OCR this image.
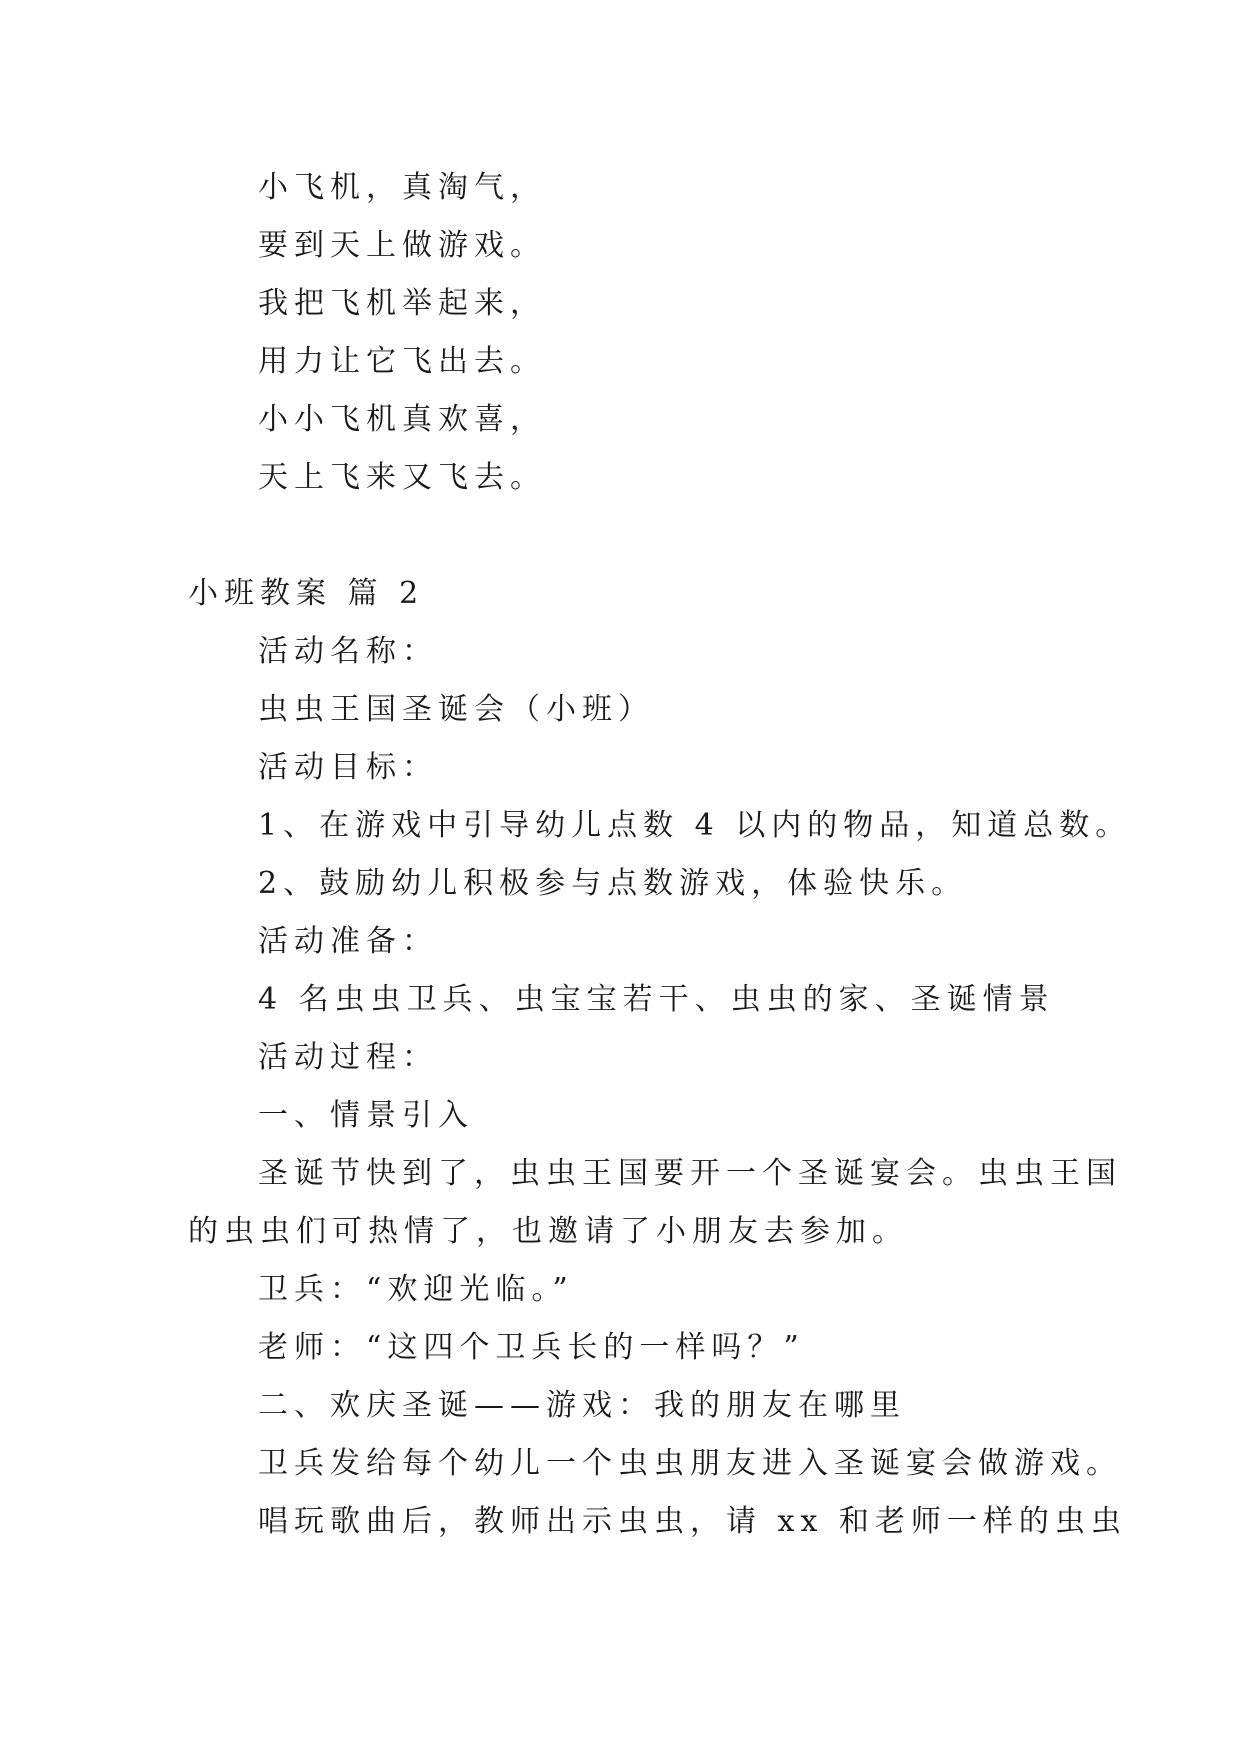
小飞机，真淘气，
要到天上做游戏。
我把飞机举起来，
用力让它飞出去。
小小飞机真欢喜，
天上飞来又飞去。
小班教案 篇 2
活动名称：
虫虫王国圣诞会（小班）
活动目标：
1、在游戏中引导幼儿点数 4 以内的物品，知道总数。
2、鼓励幼儿积极参与点数游戏，体验快乐。
活动准备：
4 名虫虫卫兵、虫宝宝若干、虫虫的家、圣诞情景
活动过程：
一、情景引入
圣诞节快到了，虫虫王国要开一个圣诞宴会。虫虫王国
的虫虫们可热情了，也邀请了小朋友去参加。
卫兵：“欢迎光临。”
老师：“这四个卫兵长的一样吗？”
二、欢庆圣诞——游戏：我的朋友在哪里
卫兵发给每个幼儿一个虫虫朋友进入圣诞宴会做游戏。
唱玩歌曲后，教师出示虫虫，请 xx 和老师一样的虫虫
